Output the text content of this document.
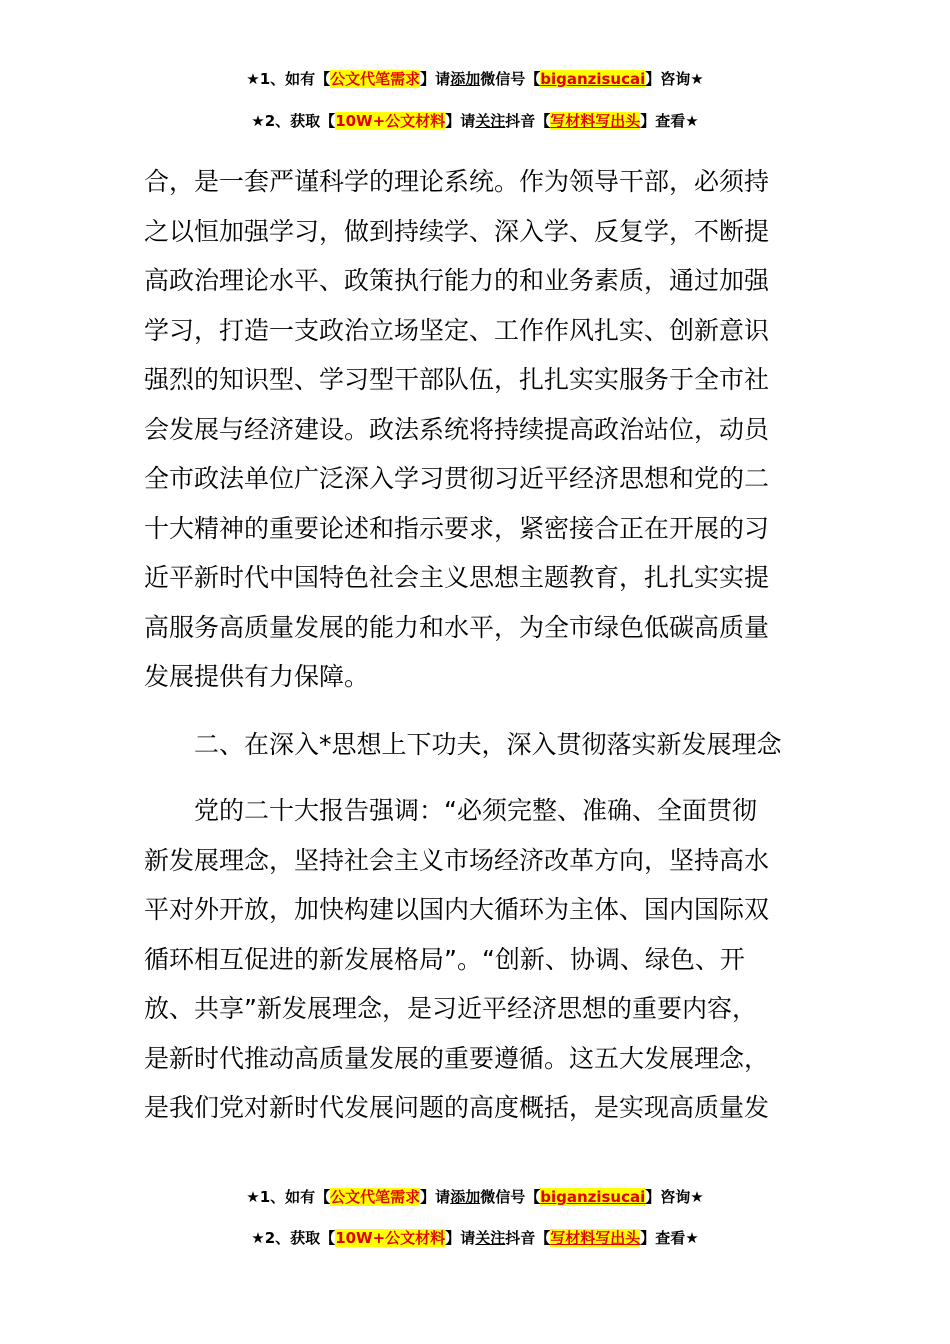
★1、如有【公文代笔需求】请添加微信号【biganzisucai】咨询★
★2、获取【10W+公文材料】请关注抖音【写材料写出头】查看★
合，是一套严谨科学的理论系统。作为领导干部，必须持
之以恒加强学习，做到持续学、深入学、反复学，不断提
高政治理论水平、政策执行能力的和业务素质，通过加强
学习，打造一支政治立场坚定、工作作风扎实、创新意识
强烈的知识型、学习型干部队伍，扎扎实实服务于全市社
会发展与经济建设。政法系统将持续提高政治站位，动员
全市政法单位广泛深入学习贯彻习近平经济思想和党的二
十大精神的重要论述和指示要求，紧密接合正在开展的习
近平新时代中国特色社会主义思想主题教育，扎扎实实提
高服务高质量发展的能力和水平，为全市绿色低碳高质量
发展提供有力保障。
二、在深入*思想上下功夫，深入贯彻落实新发展理念
党的二十大报告强调：“必须完整、准确、全面贯彻
新发展理念，坚持社会主义市场经济改革方向，坚持高水
平对外开放，加快构建以国内大循环为主体、国内国际双
循环相互促进的新发展格局”。“创新、协调、绿色、开
放、共享”新发展理念，是习近平经济思想的重要内容，
是新时代推动高质量发展的重要遵循。这五大发展理念，
是我们党对新时代发展问题的高度概括，是实现高质量发
★1、如有【公文代笔需求】请添加微信号【biganzisucai】咨询★
★2、获取【10W+公文材料】请关注抖音【写材料写出头】查看★
